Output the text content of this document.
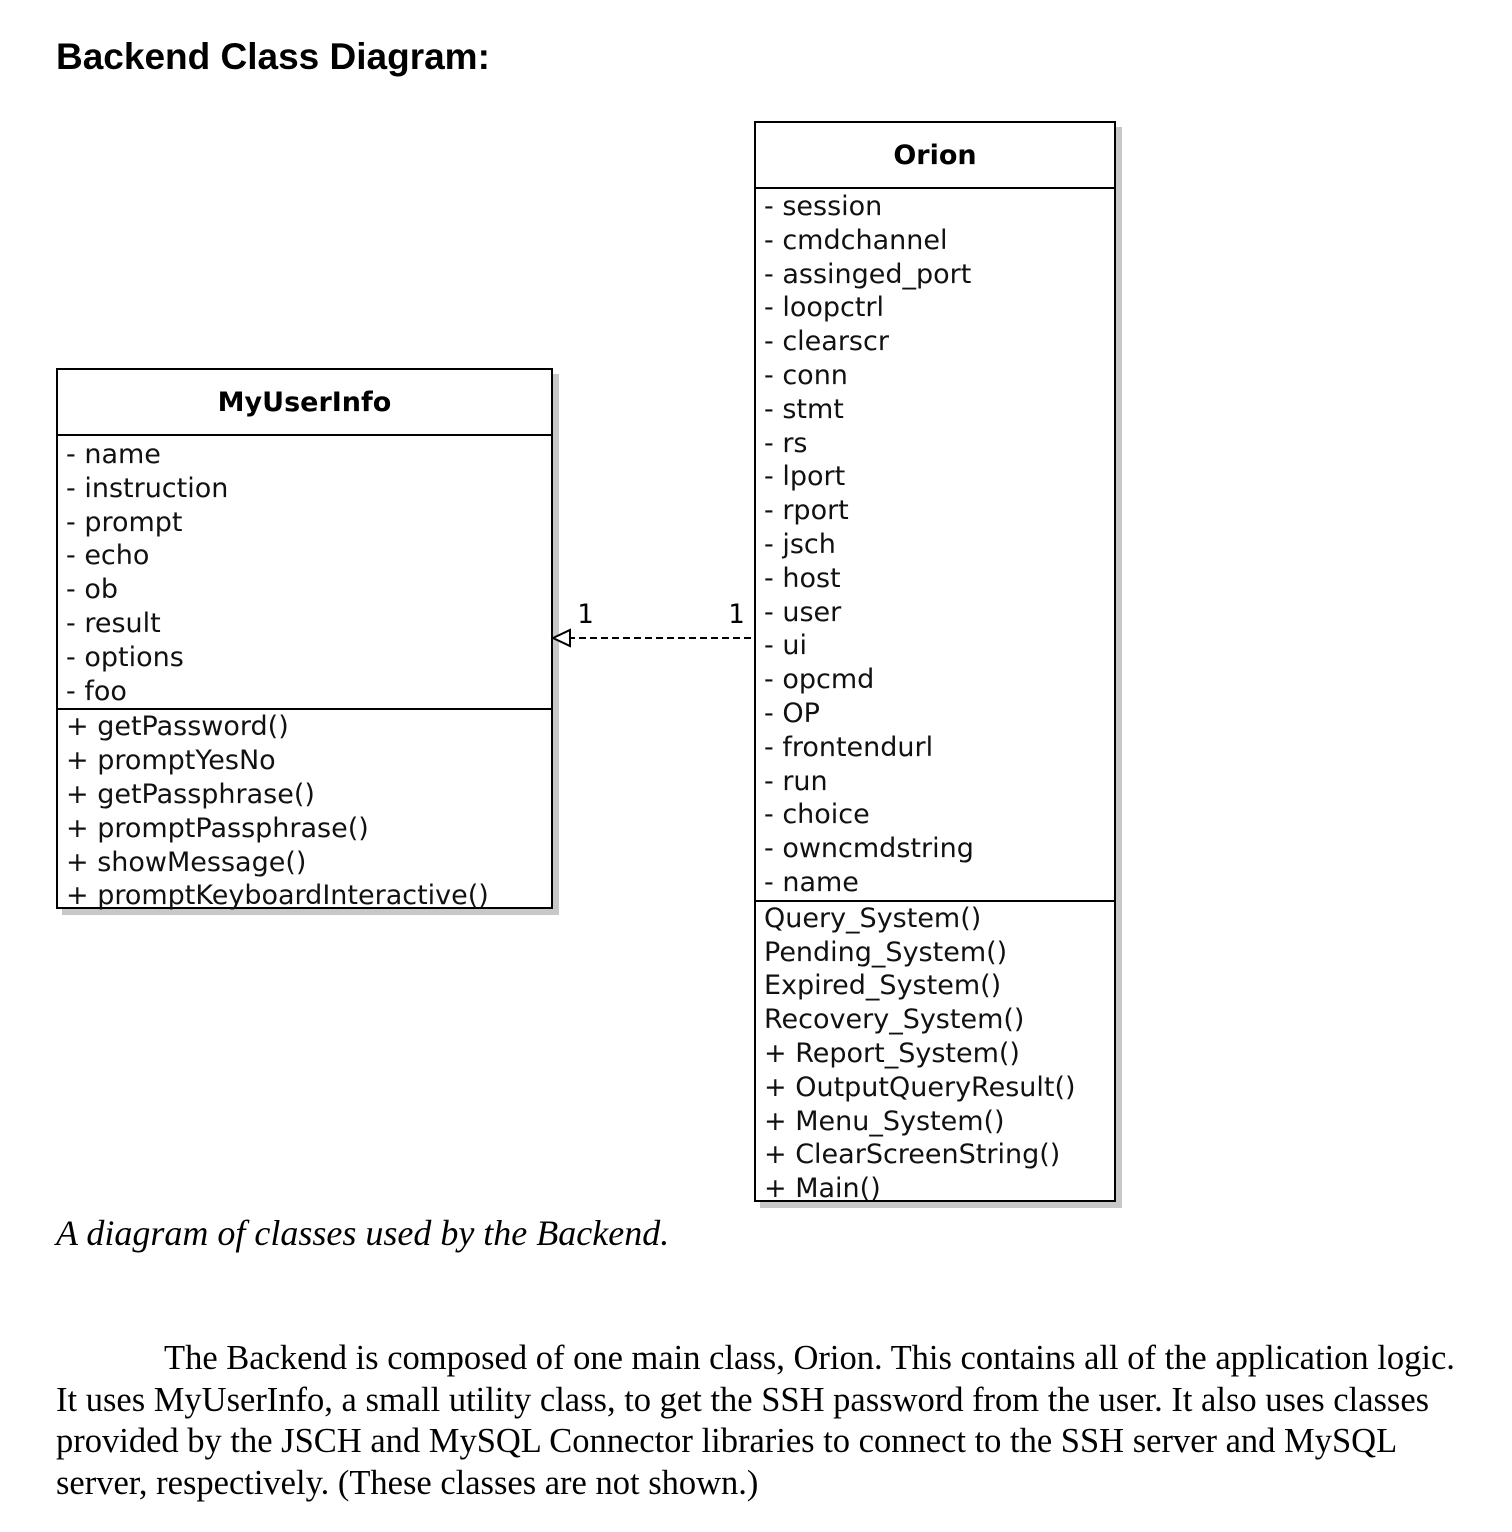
Backend Class Diagram:
MyUserInfo
- name
- instruction
- prompt
- echo
- ob
- result
- options
- foo
+ getPassword()
+ promptYesNo
+ getPassphrase()
+ promptPassphrase()
+ showMessage()
+ promptKeyboardInteractive()
Orion
- session
- cmdchannel
- assinged_port
- loopctrl
- clearscr
- conn
- stmt
- rs
- lport
- rport
- jsch
- host
- user
- ui
- opcmd
- OP
- frontendurl
- run
- choice
- owncmdstring
- name
Query_System()
Pending_System()
Expired_System()
Recovery_System()
+ Report_System()
+ OutputQueryResult()
+ Menu_System()
+ ClearScreenString()
+ Main()
1	1

A diagram of classes used by the Backend.

The Backend is composed of one main class, Orion. This contains all of the application logic. It uses MyUserInfo, a small utility class, to get the SSH password from the user. It also uses classes provided by the JSCH and MySQL Connector libraries to connect to the SSH server and MySQL server, respectively. (These classes are not shown.)
